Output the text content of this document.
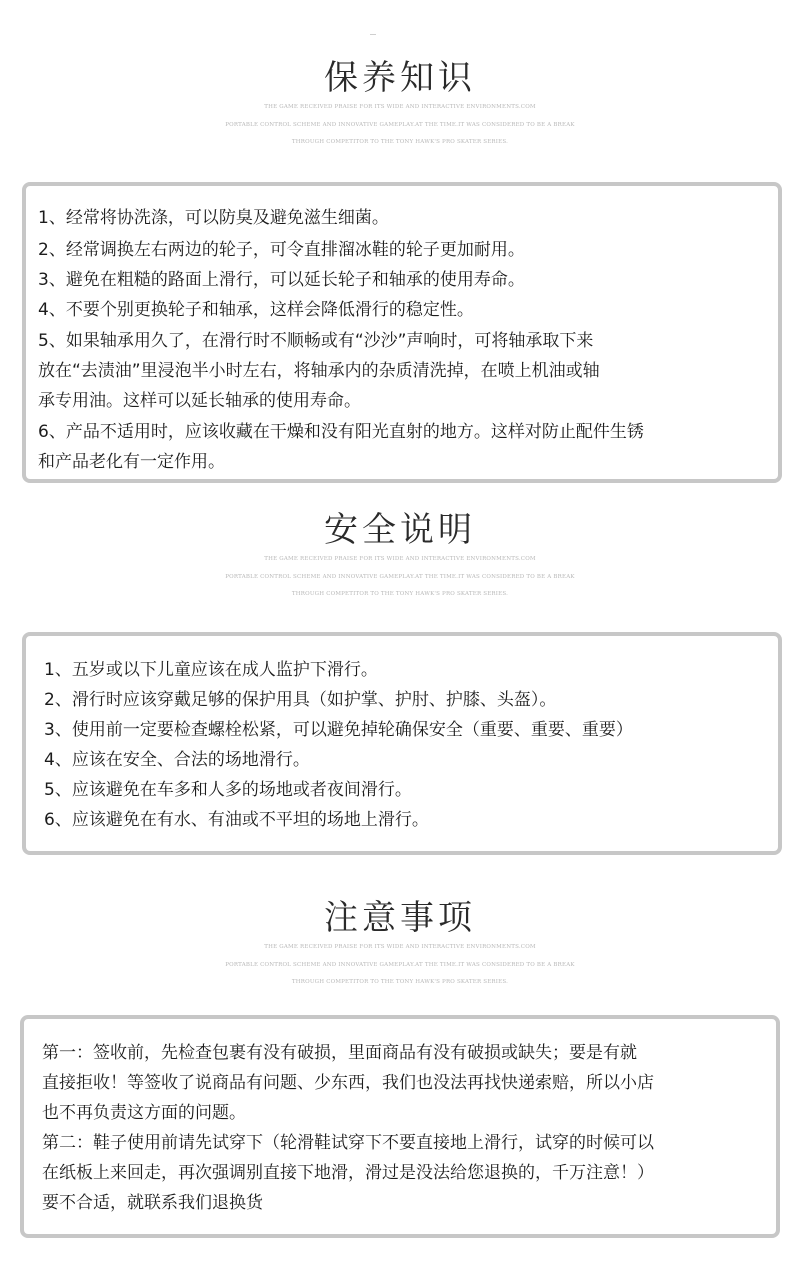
保养知识
THE GAME RECEIVED PRAISE FOR ITS WIDE AND INTERACTIVE ENVIRONMENTS.COM
PORTABLE CONTROL SCHEME AND INNOVATIVE GAMEPLAY.AT THE TIME.IT WAS CONSIDERED TO BE A BREAK
THROUGH COMPETITOR TO THE TONY HAWK'S PRO SKATER SERIES.
1、经常将协洗涤，可以防臭及避免滋生细菌。
2、经常调换左右两边的轮子，可令直排溜冰鞋的轮子更加耐用。
3、避免在粗糙的路面上滑行，可以延长轮子和轴承的使用寿命。
4、不要个别更换轮子和轴承，这样会降低滑行的稳定性。
5、如果轴承用久了，在滑行时不顺畅或有“沙沙”声响时，可将轴承取下来
放在“去渍油”里浸泡半小时左右，将轴承内的杂质清洗掉，在喷上机油或轴
承专用油。这样可以延长轴承的使用寿命。
6、产品不适用时，应该收藏在干燥和没有阳光直射的地方。这样对防止配件生锈
和产品老化有一定作用。
安全说明
THE GAME RECEIVED PRAISE FOR ITS WIDE AND INTERACTIVE ENVIRONMENTS.COM
PORTABLE CONTROL SCHEME AND INNOVATIVE GAMEPLAY.AT THE TIME.IT WAS CONSIDERED TO BE A BREAK
THROUGH COMPETITOR TO THE TONY HAWK'S PRO SKATER SERIES.
1、五岁或以下儿童应该在成人监护下滑行。
2、滑行时应该穿戴足够的保护用具（如护掌、护肘、护膝、头盔）。
3、使用前一定要检查螺栓松紧，可以避免掉轮确保安全（重要、重要、重要）
4、应该在安全、合法的场地滑行。
5、应该避免在车多和人多的场地或者夜间滑行。
6、应该避免在有水、有油或不平坦的场地上滑行。
注意事项
THE GAME RECEIVED PRAISE FOR ITS WIDE AND INTERACTIVE ENVIRONMENTS.COM
PORTABLE CONTROL SCHEME AND INNOVATIVE GAMEPLAY.AT THE TIME.IT WAS CONSIDERED TO BE A BREAK
THROUGH COMPETITOR TO THE TONY HAWK'S PRO SKATER SERIES.
第一：签收前，先检查包裹有没有破损，里面商品有没有破损或缺失；要是有就
直接拒收！等签收了说商品有问题、少东西，我们也没法再找快递索赔，所以小店
也不再负责这方面的问题。
第二：鞋子使用前请先试穿下（轮滑鞋试穿下不要直接地上滑行，试穿的时候可以
在纸板上来回走，再次强调别直接下地滑，滑过是没法给您退换的，千万注意！）
要不合适，就联系我们退换货
